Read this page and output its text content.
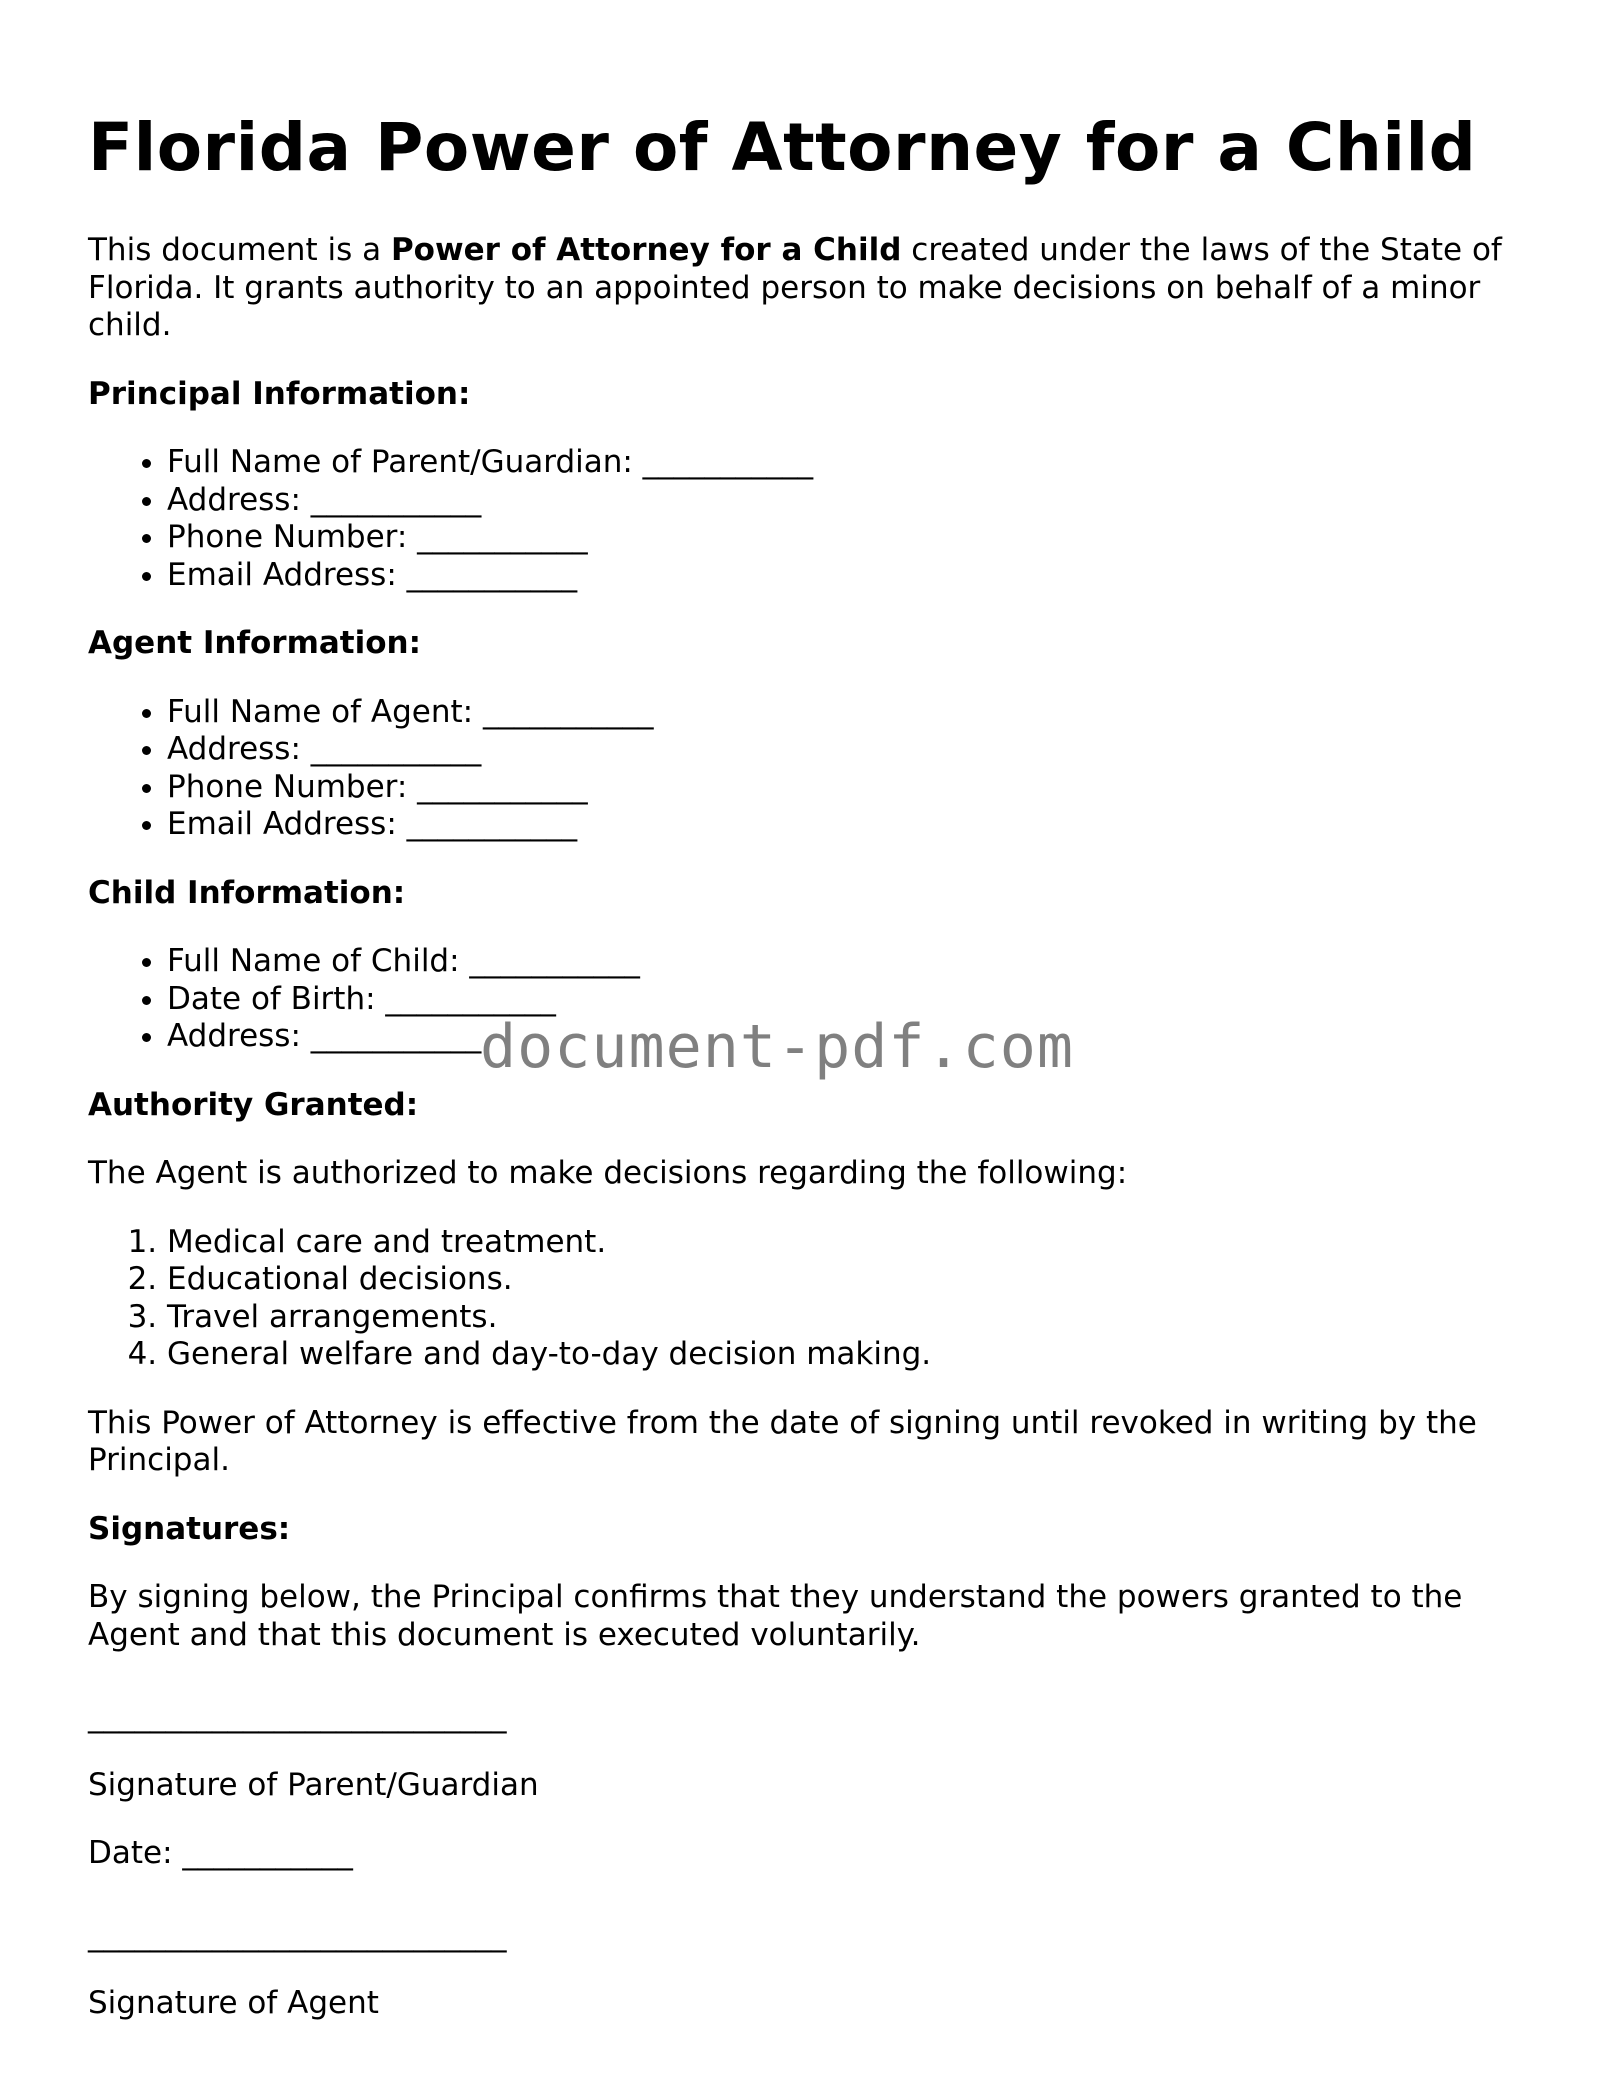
Florida Power of Attorney for a Child

This document is a Power of Attorney for a Child created under the laws of the State of Florida. It grants authority to an appointed person to make decisions on behalf of a minor child.

Principal Information:

• Full Name of Parent/Guardian: ___________
• Address: ___________
• Phone Number: ___________
• Email Address: ___________

Agent Information:

• Full Name of Agent: ___________
• Address: ___________
• Phone Number: ___________
• Email Address: ___________

Child Information:

• Full Name of Child: ___________
• Date of Birth: ___________
• Address: ___________

Authority Granted:

The Agent is authorized to make decisions regarding the following:

1. Medical care and treatment.
2. Educational decisions.
3. Travel arrangements.
4. General welfare and day-to-day decision making.

This Power of Attorney is effective from the date of signing until revoked in writing by the Principal.

Signatures:

By signing below, the Principal confirms that they understand the powers granted to the Agent and that this document is executed voluntarily.

___________________________

Signature of Parent/Guardian

Date: ___________

___________________________

Signature of Agent

document-pdf.com
